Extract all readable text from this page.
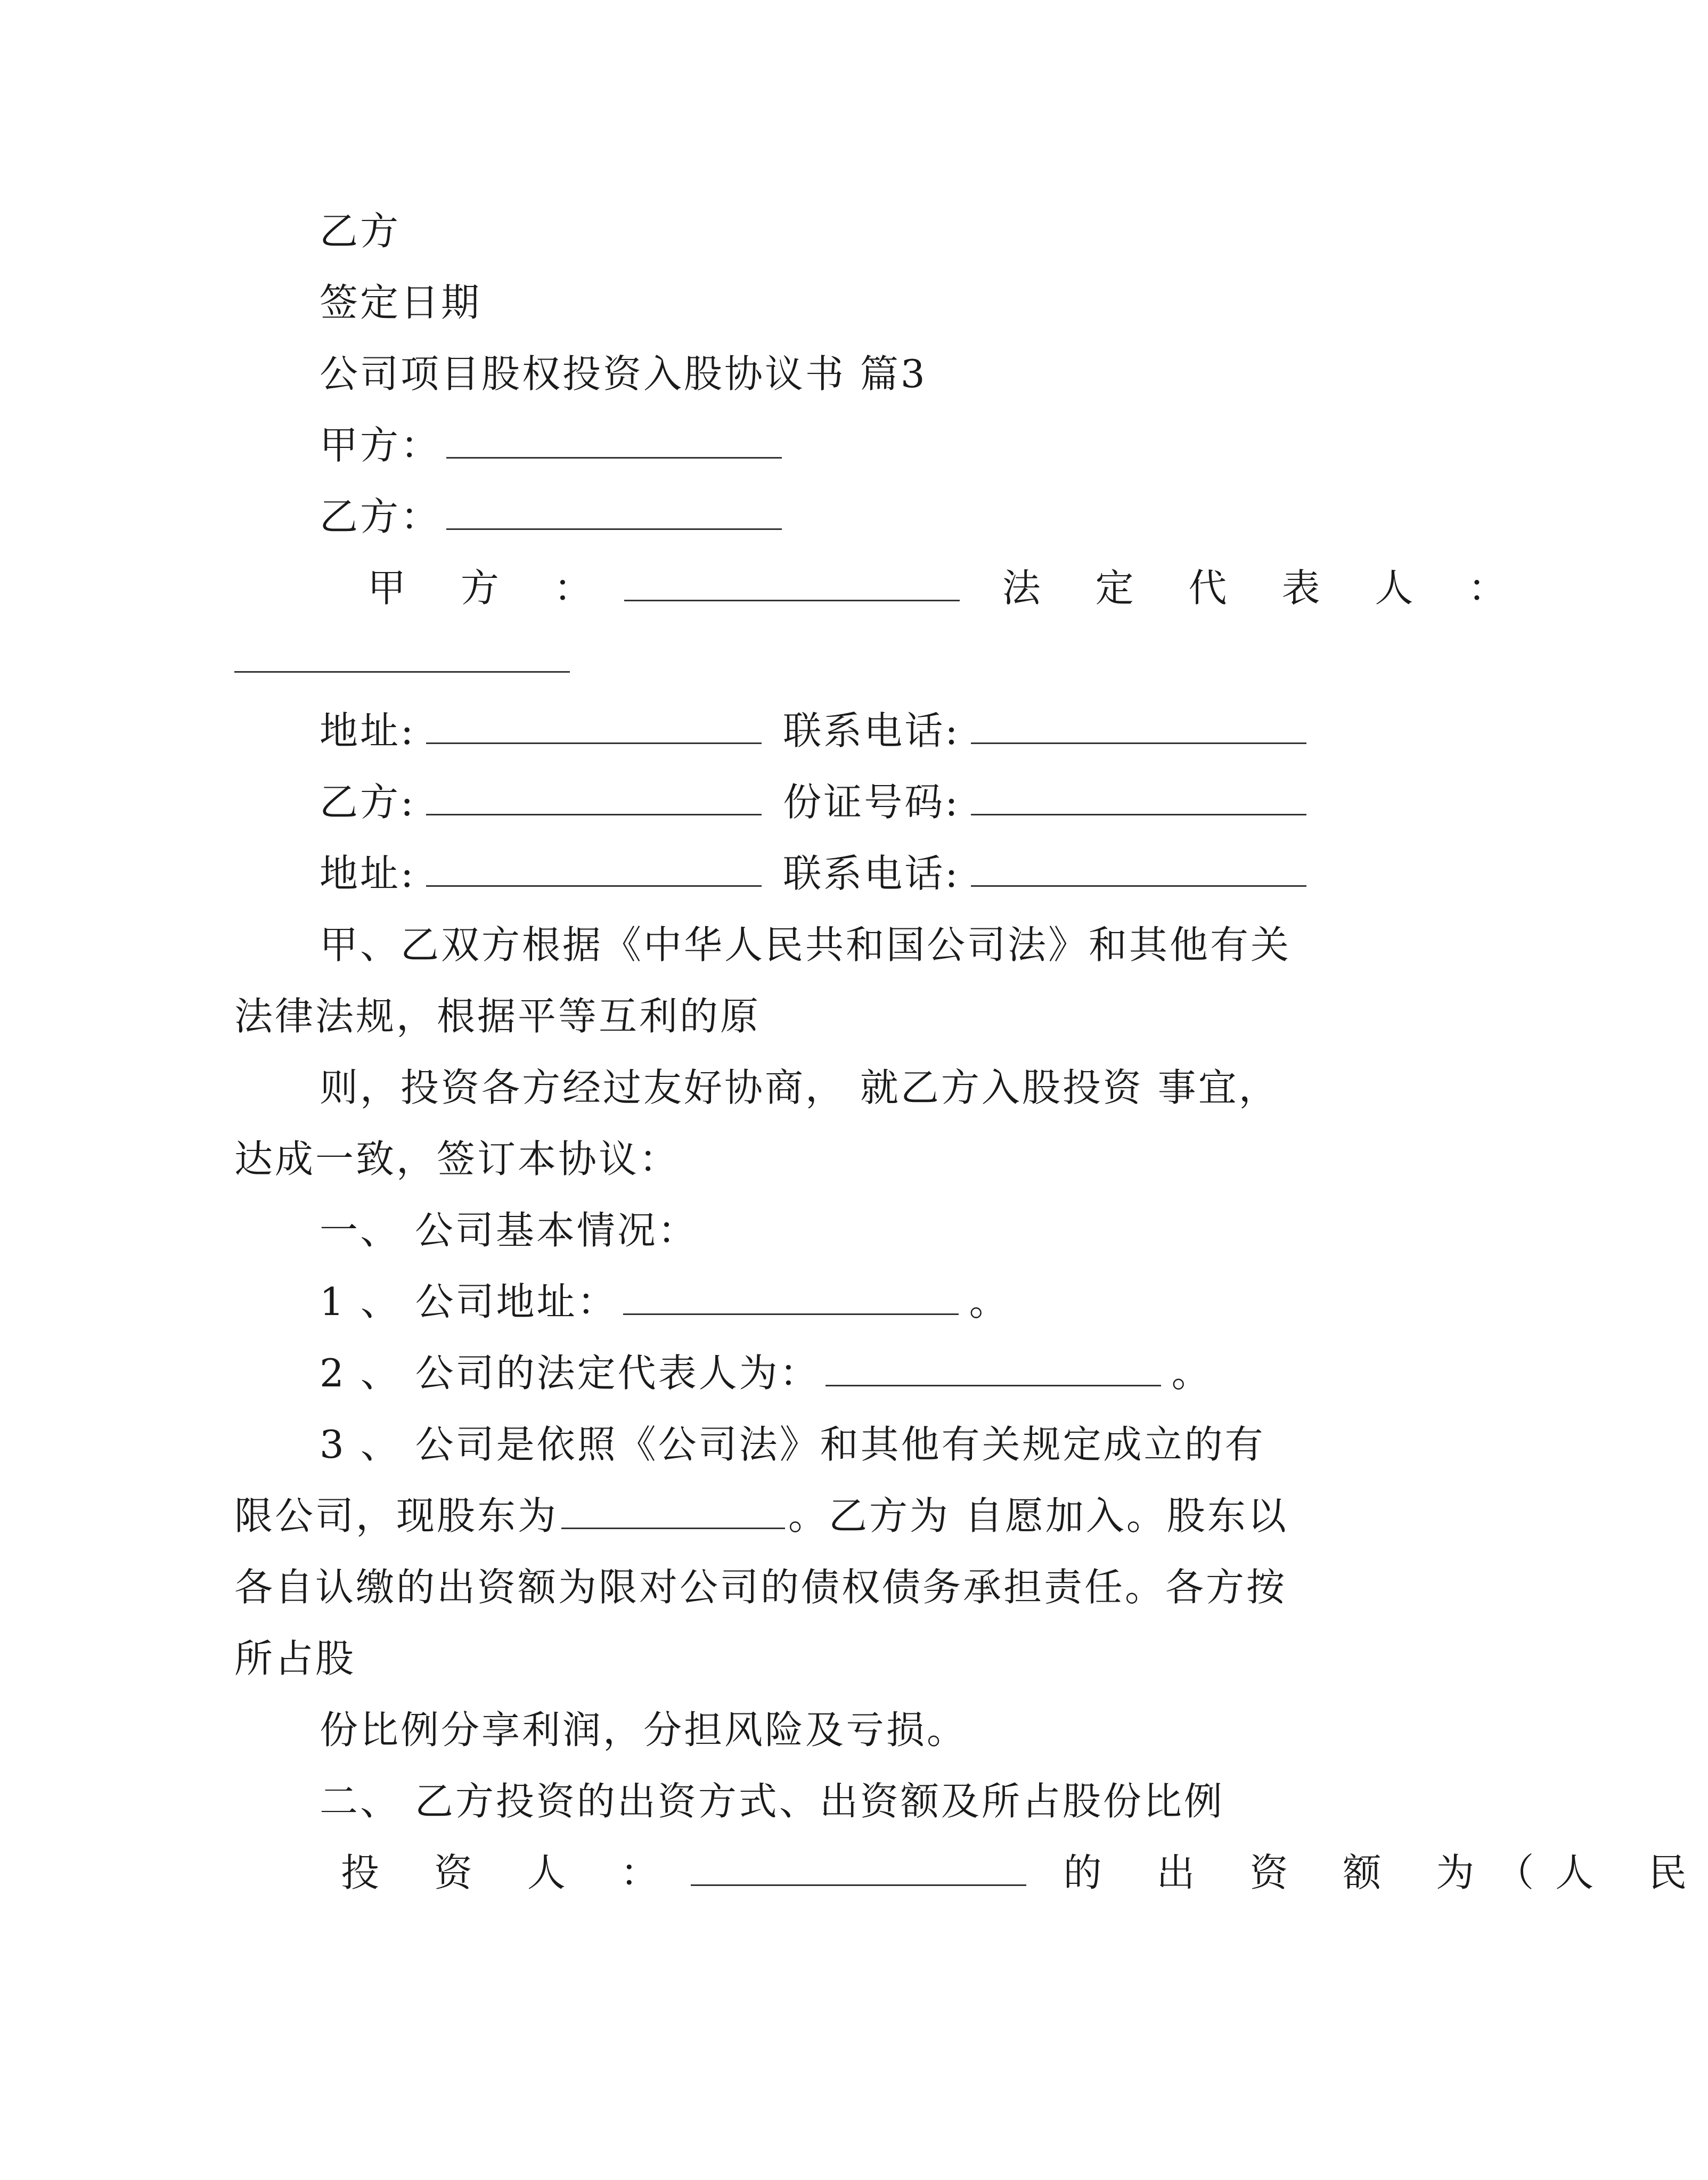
乙方
签定日期
公司项目股权投资入股协议书 篇3
甲方：
乙方：
甲 方 ：	法 定 代 表 人 ：
地址:	联系电话:
乙方:	份证号码:
地址:	联系电话:
甲、乙双方根据《中华人民共和国公司法》和其他有关
法律法规，根据平等互利的原
则，投资各方经过友好协商， 就乙方入股投资 事宜，
达成一致，签订本协议：
一、 公司基本情况：
1 、 公司地址：	。
2 、 公司的法定代表人为：	。
3 、 公司是依照《公司法》和其他有关规定成立的有
限公司，现股东为	。乙方为 自愿加入。股东以
各自认缴的出资额为限对公司的债权债务承担责任。各方按
所占股
份比例分享利润，分担风险及亏损。
二、 乙方投资的出资方式、出资额及所占股份比例
投 资 人 ：	的 出 资 额 为（人 民
